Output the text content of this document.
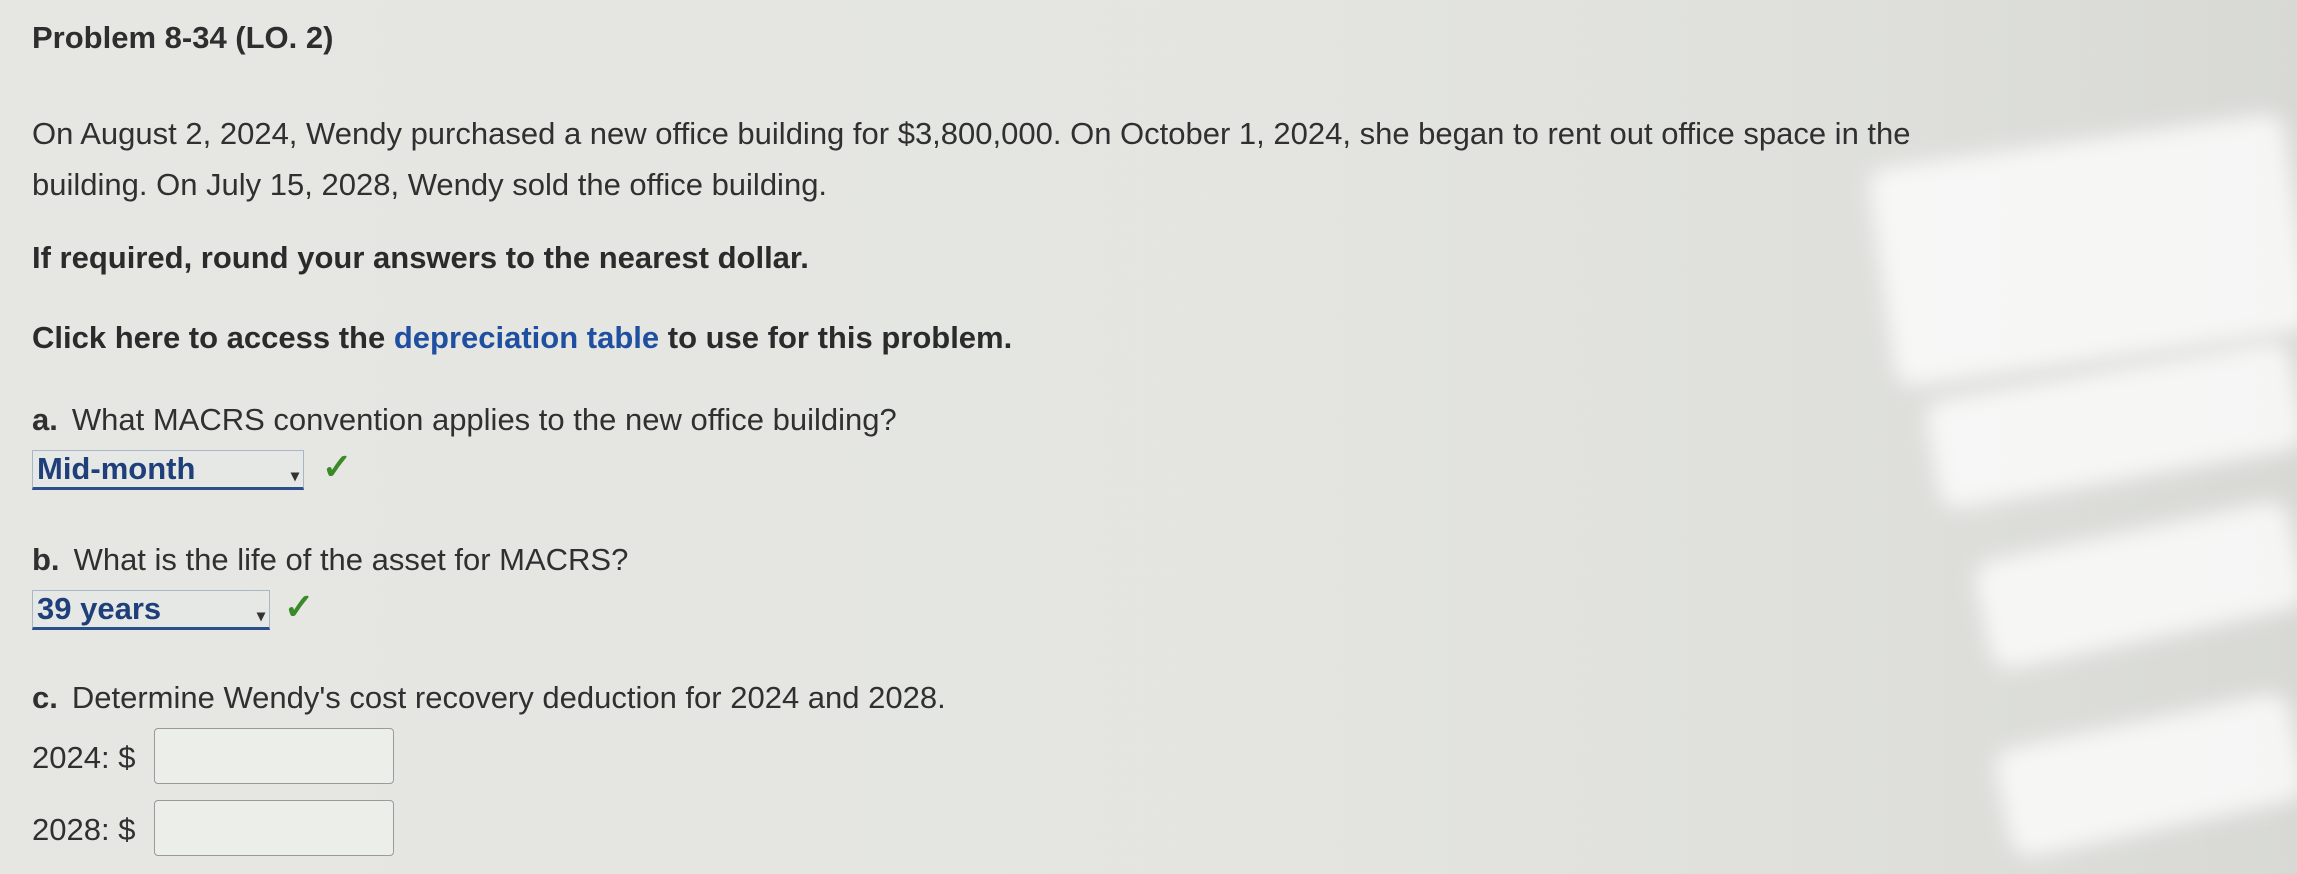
Problem 8-34 (LO. 2)
On August 2, 2024, Wendy purchased a new office building for $3,800,000. On October 1, 2024, she began to rent out office space in the
building. On July 15, 2028, Wendy sold the office building.
If required, round your answers to the nearest dollar.
Click here to access the depreciation table to use for this problem.
a. What MACRS convention applies to the new office building?
Mid-month	▾ ✓
b. What is the life of the asset for MACRS?
39 years	▾ ✓
c. Determine Wendy's cost recovery deduction for 2024 and 2028.
2024: $
2028: $
